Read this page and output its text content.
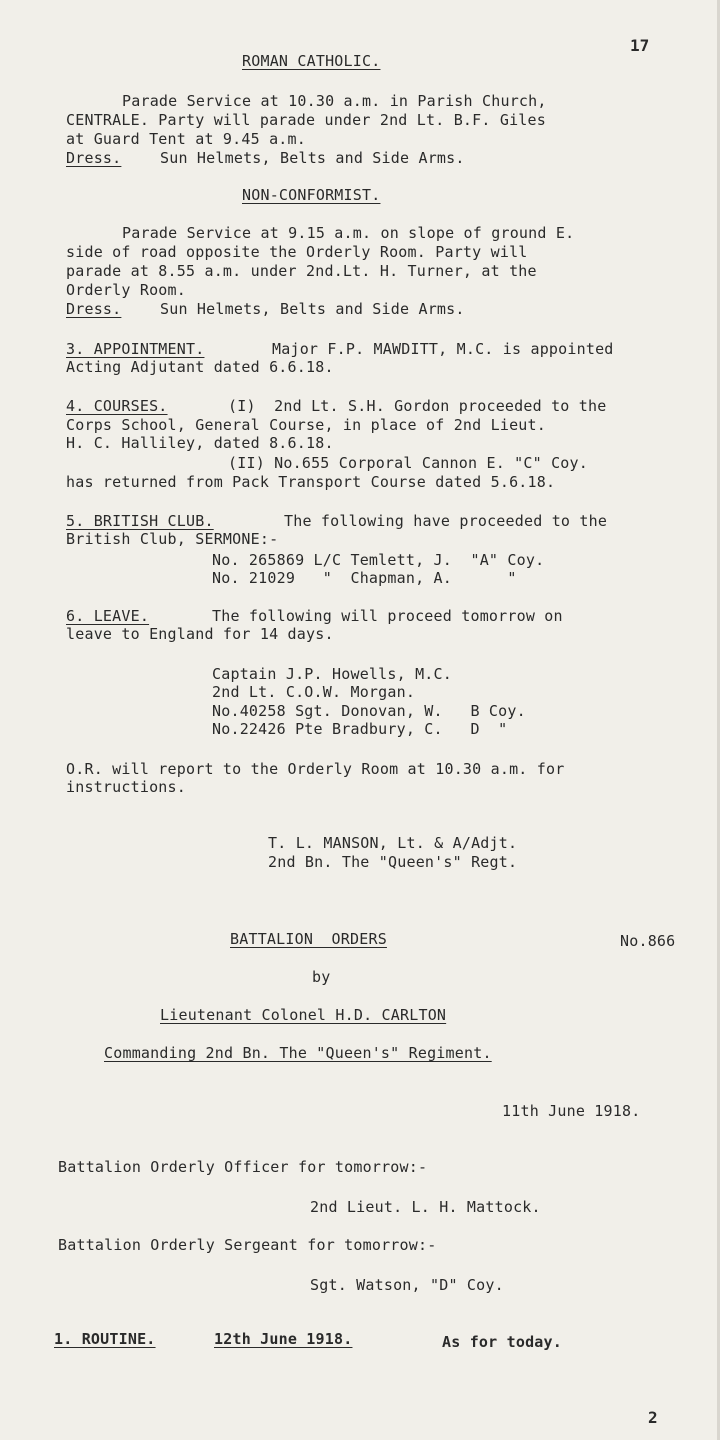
17
ROMAN CATHOLIC.
Parade Service at 10.30 a.m. in Parish Church,
CENTRALE. Party will parade under 2nd Lt. B.F. Giles
at Guard Tent at 9.45 a.m.
Dress.	Sun Helmets, Belts and Side Arms.
NON-CONFORMIST.
Parade Service at 9.15 a.m. on slope of ground E.
side of road opposite the Orderly Room. Party will
parade at 8.55 a.m. under 2nd.Lt. H. Turner, at the
Orderly Room.
Dress.	Sun Helmets, Belts and Side Arms.
3. APPOINTMENT.	Major F.P. MAWDITT, M.C. is appointed
Acting Adjutant dated 6.6.18.
4. COURSES.	(I)  2nd Lt. S.H. Gordon proceeded to the
Corps School, General Course, in place of 2nd Lieut.
H. C. Halliley, dated 8.6.18.
(II) No.655 Corporal Cannon E. "C" Coy.
has returned from Pack Transport Course dated 5.6.18.
5. BRITISH CLUB.	The following have proceeded to the
British Club, SERMONE:-
No. 265869 L/C Temlett, J.  "A" Coy.
No. 21029   "  Chapman, A.      "
6. LEAVE.	The following will proceed tomorrow on
leave to England for 14 days.
Captain J.P. Howells, M.C.
2nd Lt. C.O.W. Morgan.
No.40258 Sgt. Donovan, W.   B Coy.
No.22426 Pte Bradbury, C.   D  "
O.R. will report to the Orderly Room at 10.30 a.m. for
instructions.
T. L. MANSON, Lt. & A/Adjt.
2nd Bn. The "Queen's" Regt.
BATTALION  ORDERS	No.866
by
Lieutenant Colonel H.D. CARLTON
Commanding 2nd Bn. The "Queen's" Regiment.
11th June 1918.
Battalion Orderly Officer for tomorrow:-
2nd Lieut. L. H. Mattock.
Battalion Orderly Sergeant for tomorrow:-
Sgt. Watson, "D" Coy.
1. ROUTINE.	12th June 1918.	As for today.
2
